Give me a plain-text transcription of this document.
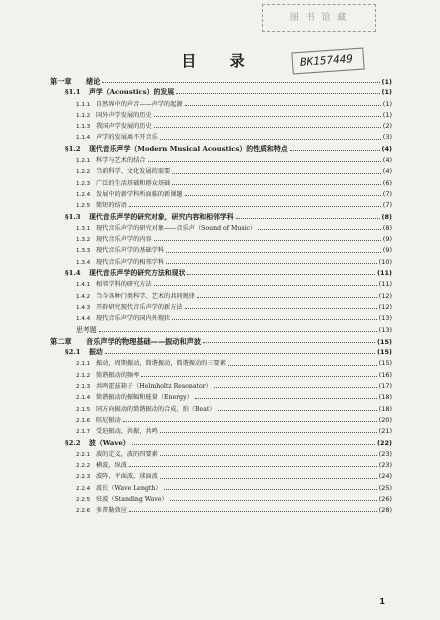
图 书 馆 藏
BK157449
目 录
第一章	绪论	(1)
§1.1	声学（Acoustics）的发展	(1)
1.1.1 自然界中的声音——声学的起源	(1)
1.1.2 国外声学发展的历史	(1)
1.1.3 我国声学发展的历史	(2)
1.1.4 声学的发展离不开音乐	(3)
§1.2	现代音乐声学（Modern Musical Acoustics）的性质和特点	(4)
1.2.1 科学与艺术的结合	(4)
1.2.2 当前科学、文化发展的需要	(4)
1.2.3 广泛的生活基础和群众基础	(6)
1.2.4 发展中的新学科所面临的新课题	(7)
1.2.5 简短的结语	(7)
§1.3	现代音乐声学的研究对象，研究内容和相邻学科	(8)
1.3.1 现代音乐声学的研究对象——音乐声（Sound of Music）	(8)
1.3.2 现代音乐声学的内容	(9)
1.3.3 现代音乐声学的基础学科	(9)
1.3.4 现代音乐声学的相邻学科	(10)
§1.4	现代音乐声学的研究方法和现状	(11)
1.4.1 相邻学科的研究方法	(11)
1.4.2 当今各种门类科学、艺术的共同规律	(12)
1.4.3 开辟研究现代音乐声学的新方法	(12)
1.4.4 现代音乐声学的国内外现状	(13)
思考题	(13)
第二章	音乐声学的物理基础——振动和声波	(15)
§2.1	振动	(15)
2.1.1 振动，周期振动，简谐振动，简谐振动的三要素	(15)
2.1.2 简谐振动的频率	(16)
2.1.3 共鸣霍兹箱子（Helmholtz Resonator）	(17)
2.1.4 简谐振动的振幅和能量（Energy）	(18)
2.1.5 同方向振动的简谐振动的合成，拍（Beat）	(18)
2.1.6 阻尼振动	(20)
2.1.7 受迫振动，共振，共鸣	(21)
§2.2	波（Wave）	(22)
2.2.1 波的定义，波的四要素	(23)
2.2.2 横波，纵波	(23)
2.2.3 波阵，平面波，球面波	(24)
2.2.4 波长（Wave Length）	(25)
2.2.5 驻波（Standing Wave）	(26)
2.2.6 多普勒效应	(28)
1
